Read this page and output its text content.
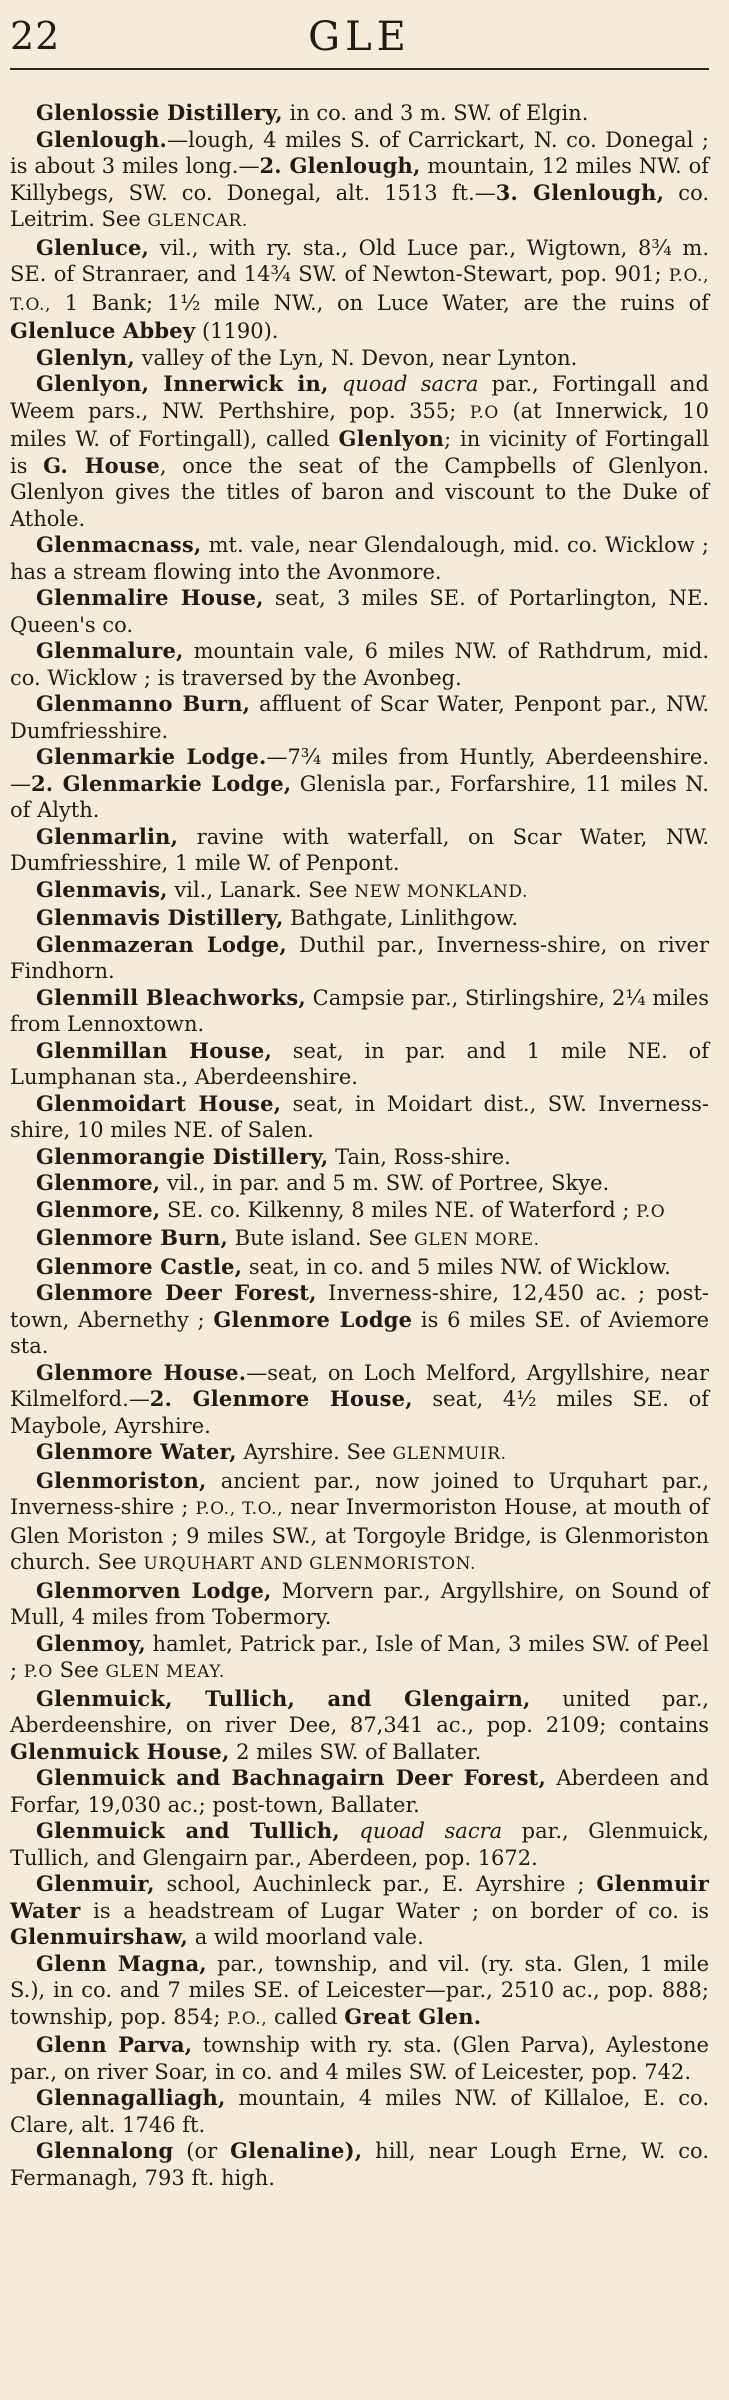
22	GLE

Glenlossie Distillery, in co. and 3 m. SW. of Elgin.

Glenlough.—lough, 4 miles S. of Carrickart, N. co. Donegal ; is about 3 miles long.—2. Glenlough, mountain, 12 miles NW. of Killybegs, SW. co. Donegal, alt. 1513 ft.—3. Glenlough, co. Leitrim. See GLENCAR.

Glenluce, vil., with ry. sta., Old Luce par., Wigtown, 8¾ m. SE. of Stranraer, and 14¾ SW. of Newton-Stewart, pop. 901; P.O., T.O., 1 Bank; 1½ mile NW., on Luce Water, are the ruins of Glenluce Abbey (1190).

Glenlyn, valley of the Lyn, N. Devon, near Lynton.

Glenlyon, Innerwick in, quoad sacra par., Fortingall and Weem pars., NW. Perthshire, pop. 355; P.O (at Innerwick, 10 miles W. of Fortingall), called Glenlyon; in vicinity of Fortingall is G. House, once the seat of the Campbells of Glenlyon. Glenlyon gives the titles of baron and viscount to the Duke of Athole.

Glenmacnass, mt. vale, near Glendalough, mid. co. Wicklow ; has a stream flowing into the Avonmore.

Glenmalire House, seat, 3 miles SE. of Portarlington, NE. Queen's co.

Glenmalure, mountain vale, 6 miles NW. of Rathdrum, mid. co. Wicklow ; is traversed by the Avonbeg.

Glenmanno Burn, affluent of Scar Water, Penpont par., NW. Dumfriesshire.

Glenmarkie Lodge.—7¾ miles from Huntly, Aberdeenshire.—2. Glenmarkie Lodge, Glenisla par., Forfarshire, 11 miles N. of Alyth.

Glenmarlin, ravine with waterfall, on Scar Water, NW. Dumfriesshire, 1 mile W. of Penpont.

Glenmavis, vil., Lanark. See NEW MONKLAND.

Glenmavis Distillery, Bathgate, Linlithgow.

Glenmazeran Lodge, Duthil par., Inverness-shire, on river Findhorn.

Glenmill Bleachworks, Campsie par., Stirlingshire, 2¼ miles from Lennoxtown.

Glenmillan House, seat, in par. and 1 mile NE. of Lumphanan sta., Aberdeenshire.

Glenmoidart House, seat, in Moidart dist., SW. Inverness-shire, 10 miles NE. of Salen.

Glenmorangie Distillery, Tain, Ross-shire.

Glenmore, vil., in par. and 5 m. SW. of Portree, Skye.

Glenmore, SE. co. Kilkenny, 8 miles NE. of Waterford ; P.O

Glenmore Burn, Bute island. See GLEN MORE.

Glenmore Castle, seat, in co. and 5 miles NW. of Wicklow.

Glenmore Deer Forest, Inverness-shire, 12,450 ac. ; post-town, Abernethy ; Glenmore Lodge is 6 miles SE. of Aviemore sta.

Glenmore House.—seat, on Loch Melford, Argyllshire, near Kilmelford.—2. Glenmore House, seat, 4½ miles SE. of Maybole, Ayrshire.

Glenmore Water, Ayrshire. See GLENMUIR.

Glenmoriston, ancient par., now joined to Urquhart par., Inverness-shire ; P.O., T.O., near Invermoriston House, at mouth of Glen Moriston ; 9 miles SW., at Torgoyle Bridge, is Glenmoriston church. See URQUHART AND GLENMORISTON.

Glenmorven Lodge, Morvern par., Argyllshire, on Sound of Mull, 4 miles from Tobermory.

Glenmoy, hamlet, Patrick par., Isle of Man, 3 miles SW. of Peel ; P.O See GLEN MEAY.

Glenmuick, Tullich, and Glengairn, united par., Aberdeenshire, on river Dee, 87,341 ac., pop. 2109; contains Glenmuick House, 2 miles SW. of Ballater.

Glenmuick and Bachnagairn Deer Forest, Aberdeen and Forfar, 19,030 ac.; post-town, Ballater.

Glenmuick and Tullich, quoad sacra par., Glenmuick, Tullich, and Glengairn par., Aberdeen, pop. 1672.

Glenmuir, school, Auchinleck par., E. Ayrshire ; Glenmuir Water is a headstream of Lugar Water ; on border of co. is Glenmuirshaw, a wild moorland vale.

Glenn Magna, par., township, and vil. (ry. sta. Glen, 1 mile S.), in co. and 7 miles SE. of Leicester—par., 2510 ac., pop. 888; township, pop. 854; P.O., called Great Glen.

Glenn Parva, township with ry. sta. (Glen Parva), Aylestone par., on river Soar, in co. and 4 miles SW. of Leicester, pop. 742.

Glennagalliagh, mountain, 4 miles NW. of Killaloe, E. co. Clare, alt. 1746 ft.

Glennalong (or Glenaline), hill, near Lough Erne, W. co. Fermanagh, 793 ft. high.
